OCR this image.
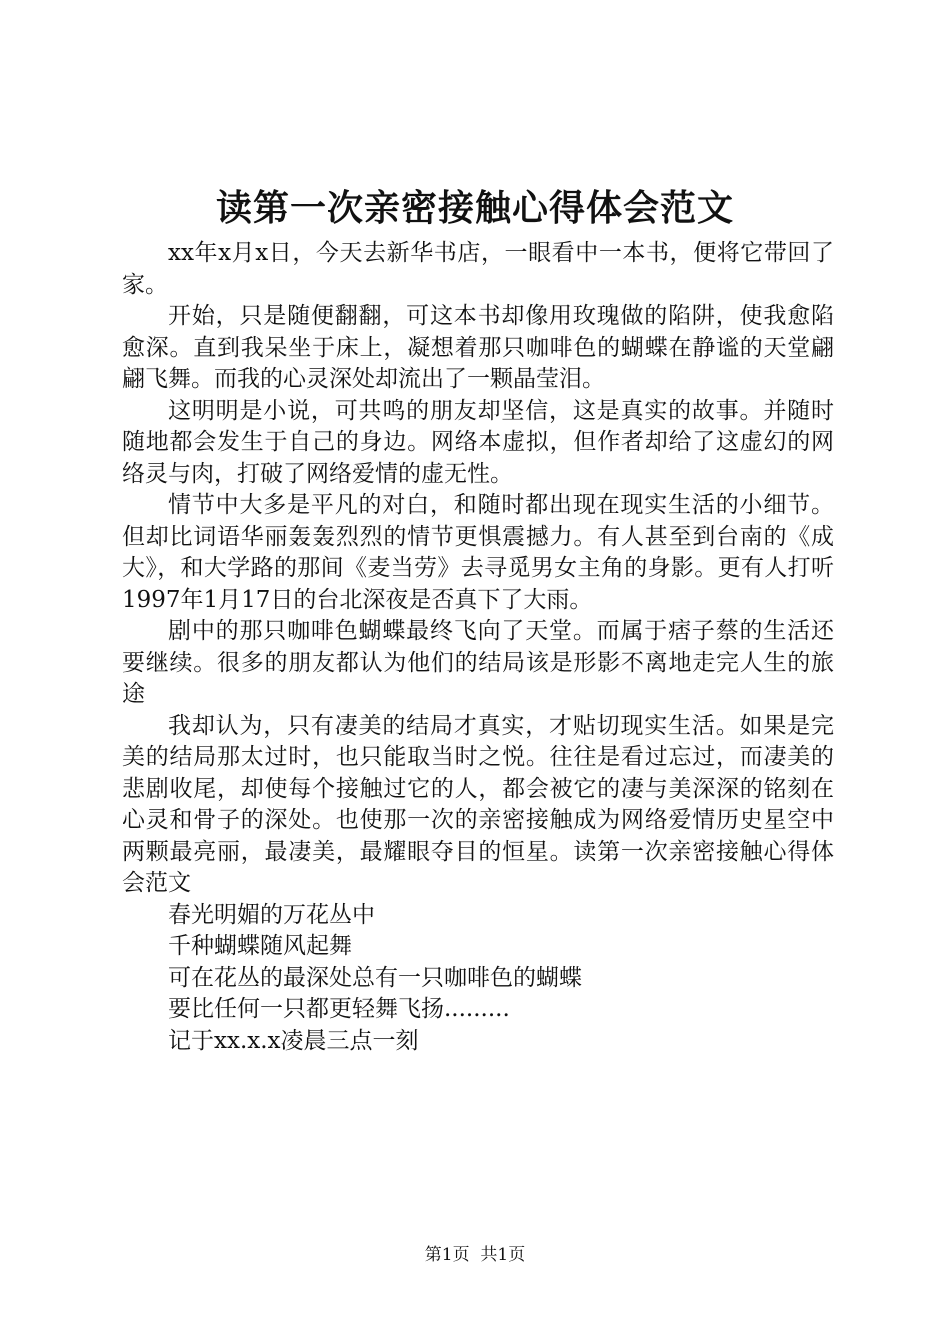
读第一次亲密接触心得体会范文

xx年x月x日，今天去新华书店，一眼看中一本书，便将它带回了家。

开始，只是随便翻翻，可这本书却像用玫瑰做的陷阱，使我愈陷愈深。直到我呆坐于床上，凝想着那只咖啡色的蝴蝶在静谧的天堂翩翩飞舞。而我的心灵深处却流出了一颗晶莹泪。

这明明是小说，可共鸣的朋友却坚信，这是真实的故事。并随时随地都会发生于自己的身边。网络本虚拟，但作者却给了这虚幻的网络灵与肉，打破了网络爱情的虚无性。

情节中大多是平凡的对白，和随时都出现在现实生活的小细节。但却比词语华丽轰轰烈烈的情节更惧震撼力。有人甚至到台南的《成大》，和大学路的那间《麦当劳》去寻觅男女主角的身影。更有人打听1997年1月17日的台北深夜是否真下了大雨。

剧中的那只咖啡色蝴蝶最终飞向了天堂。而属于痞子蔡的生活还要继续。很多的朋友都认为他们的结局该是形影不离地走完人生的旅途

我却认为，只有凄美的结局才真实，才贴切现实生活。如果是完美的结局那太过时，也只能取当时之悦。往往是看过忘过，而凄美的悲剧收尾，却使每个接触过它的人，都会被它的凄与美深深的铭刻在心灵和骨子的深处。也使那一次的亲密接触成为网络爱情历史星空中两颗最亮丽，最凄美，最耀眼夺目的恒星。读第一次亲密接触心得体会范文

春光明媚的万花丛中

千种蝴蝶随风起舞

可在花丛的最深处总有一只咖啡色的蝴蝶

要比任何一只都更轻舞飞扬.........

记于xx.x.x凌晨三点一刻

第1页 共1页
